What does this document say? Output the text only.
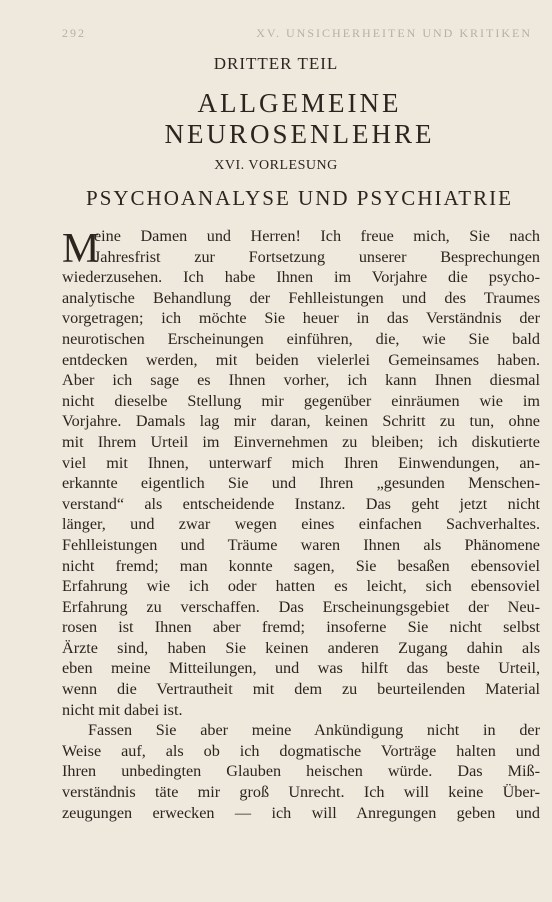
292	XV. UNSICHERHEITEN UND KRITIKEN
DRITTER TEIL
ALLGEMEINE NEUROSENLEHRE
XVI. VORLESUNG
PSYCHOANALYSE UND PSYCHIATRIE
M
eine Damen und Herren! Ich freue mich, Sie nach
Jahresfrist zur Fortsetzung unserer Besprechungen
wiederzusehen. Ich habe Ihnen im Vorjahre die psycho-
analytische Behandlung der Fehlleistungen und des Traumes
vorgetragen; ich möchte Sie heuer in das Verständnis der
neurotischen Erscheinungen einführen, die, wie Sie bald
entdecken werden, mit beiden vielerlei Gemeinsames haben.
Aber ich sage es Ihnen vorher, ich kann Ihnen diesmal
nicht dieselbe Stellung mir gegenüber einräumen wie im
Vorjahre. Damals lag mir daran, keinen Schritt zu tun, ohne
mit Ihrem Urteil im Einvernehmen zu bleiben; ich diskutierte
viel mit Ihnen, unterwarf mich Ihren Einwendungen, an-
erkannte eigentlich Sie und Ihren „gesunden Menschen-
verstand“ als entscheidende Instanz. Das geht jetzt nicht
länger, und zwar wegen eines einfachen Sachverhaltes.
Fehlleistungen und Träume waren Ihnen als Phänomene
nicht fremd; man konnte sagen, Sie besaßen ebensoviel
Erfahrung wie ich oder hatten es leicht, sich ebensoviel
Erfahrung zu verschaffen. Das Erscheinungsgebiet der Neu-
rosen ist Ihnen aber fremd; insoferne Sie nicht selbst
Ärzte sind, haben Sie keinen anderen Zugang dahin als
eben meine Mitteilungen, und was hilft das beste Urteil,
wenn die Vertrautheit mit dem zu beurteilenden Material
nicht mit dabei ist.
Fassen Sie aber meine Ankündigung nicht in der
Weise auf, als ob ich dogmatische Vorträge halten und
Ihren unbedingten Glauben heischen würde. Das Miß-
verständnis täte mir groß Unrecht. Ich will keine Über-
zeugungen erwecken — ich will Anregungen geben und
